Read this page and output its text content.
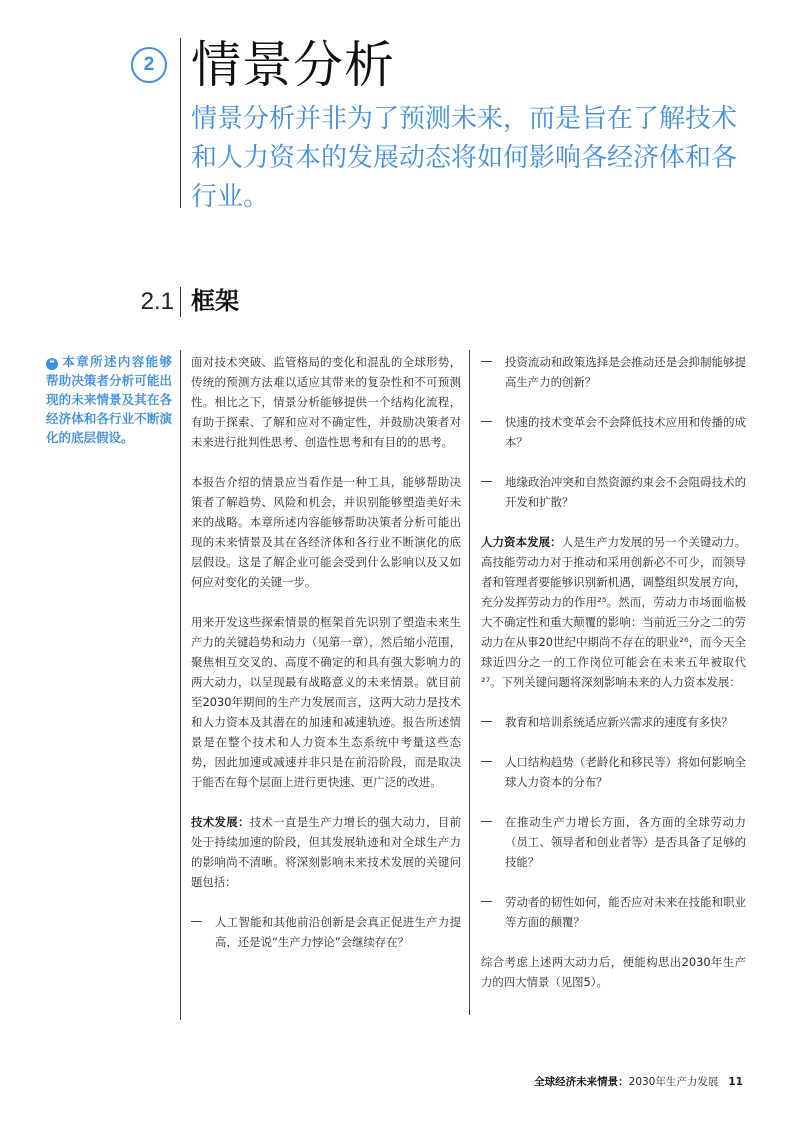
2 情景分析
情景分析并非为了预测未来，而是旨在了解技术和人力资本的发展动态将如何影响各经济体和各行业。
2.1 框架
❝ 本章所述内容能够帮助决策者分析可能出现的未来情景及其在各经济体和各行业不断演化的底层假设。

面对技术突破、监管格局的变化和混乱的全球形势，传统的预测方法难以适应其带来的复杂性和不可预测性。相比之下，情景分析能够提供一个结构化流程，有助于探索、了解和应对不确定性，并鼓励决策者对未来进行批判性思考、创造性思考和有目的的思考。

本报告介绍的情景应当看作是一种工具，能够帮助决策者了解趋势、风险和机会，并识别能够塑造美好未来的战略。本章所述内容能够帮助决策者分析可能出现的未来情景及其在各经济体和各行业不断演化的底层假设。这是了解企业可能会受到什么影响以及又如何应对变化的关键一步。

用来开发这些探索情景的框架首先识别了塑造未来生产力的关键趋势和动力（见第一章），然后缩小范围，聚焦相互交叉的、高度不确定的和具有强大影响力的两大动力，以呈现最有战略意义的未来情景。就目前至2030年期间的生产力发展而言，这两大动力是技术和人力资本及其潜在的加速和减速轨迹。报告所述情景是在整个技术和人力资本生态系统中考量这些态势，因此加速或减速并非只是在前沿阶段，而是取决于能否在每个层面上进行更快速、更广泛的改进。

技术发展：技术一直是生产力增长的强大动力，目前处于持续加速的阶段，但其发展轨迹和对全球生产力的影响尚不清晰。将深刻影响未来技术发展的关键问题包括：

人工智能和其他前沿创新是会真正促进生产力提高，还是说“生产力悖论”会继续存在？
投资流动和政策选择是会推动还是会抑制能够提高生产力的创新？
快速的技术变革会不会降低技术应用和传播的成本？
地缘政治冲突和自然资源约束会不会阻碍技术的开发和扩散？

人力资本发展：人是生产力发展的另一个关键动力。高技能劳动力对于推动和采用创新必不可少，而领导者和管理者要能够识别新机遇，调整组织发展方向，充分发挥劳动力的作用²⁵。然而，劳动力市场面临极大不确定性和重大颠覆的影响：当前近三分之二的劳动力在从事20世纪中期尚不存在的职业²⁶，而今天全球近四分之一的工作岗位可能会在未来五年被取代²⁷。下列关键问题将深刻影响未来的人力资本发展：

教育和培训系统适应新兴需求的速度有多快？
人口结构趋势（老龄化和移民等）将如何影响全球人力资本的分布？
在推动生产力增长方面，各方面的全球劳动力（员工、领导者和创业者等）是否具备了足够的技能？
劳动者的韧性如何，能否应对未来在技能和职业等方面的颠覆？

综合考虑上述两大动力后，便能构思出2030年生产力的四大情景（见图5）。

全球经济未来情景：2030年生产力发展 11
